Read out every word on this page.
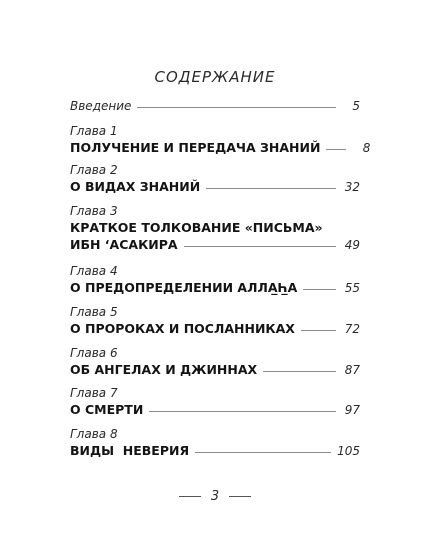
СОДЕРЖАНИЕ
Введение	5
Глава 1
ПОЛУЧЕНИЕ И ПЕРЕДАЧА ЗНАНИЙ	8
Глава 2
О ВИДАХ ЗНАНИЙ	32
Глава 3
КРАТКОЕ ТОЛКОВАНИЕ «ПИСЬМА»
ИБН ‘АСАКИРА	49
Глава 4
О ПРЕДОПРЕДЕЛЕНИИ АЛЛА̲Һ̲А	55
Глава 5
О ПРОРОКАХ И ПОСЛАННИКАХ	72
Глава 6
ОБ АНГЕЛАХ И ДЖИННАХ	87
Глава 7
О СМЕРТИ	97
Глава 8
ВИДЫ  НЕВЕРИЯ	105
3
